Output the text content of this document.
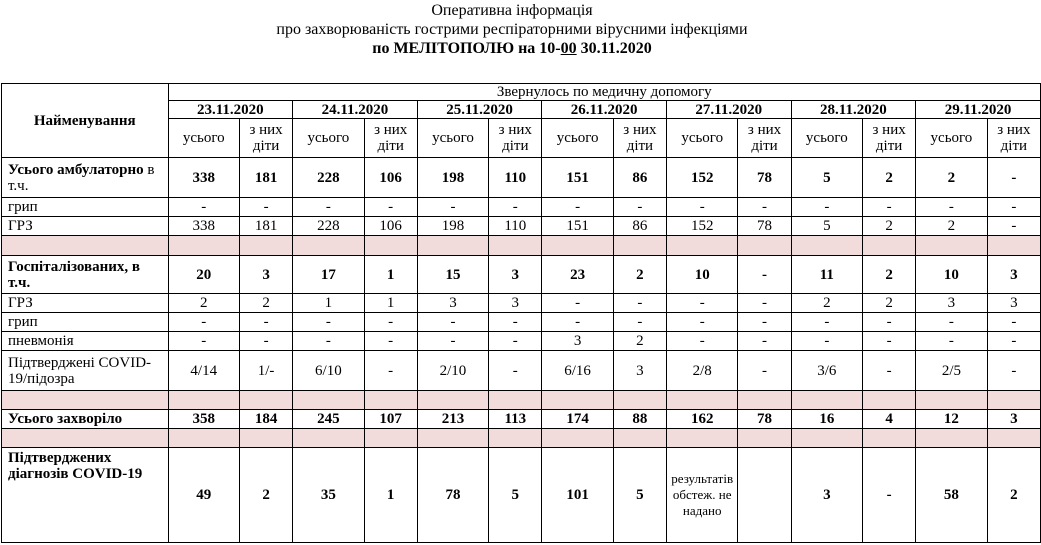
Оперативна інформація
про захворюваність гострими респіраторними вірусними інфекціями
по МЕЛІТОПОЛЮ на 10-00 30.11.2020
Найменування	Звернулось по медичну допомогу													
	23.11.2020		24.11.2020		25.11.2020		26.11.2020		27.11.2020		28.11.2020		29.11.2020	
	усього	з них діти	усього	з них діти	усього	з них діти	усього	з них діти	усього	з них діти	усього	з них діти	усього	з них діти
Усього амбулаторно в т.ч.	338	181	228	106	198	110	151	86	152	78	5	2	2	-
грип	-	-	-	-	-	-	-	-	-	-	-	-	-	-
ГРЗ	338	181	228	106	198	110	151	86	152	78	5	2	2	-

Госпіталізованих, в т.ч.	20	3	17	1	15	3	23	2	10	-	11	2	10	3
ГРЗ	2	2	1	1	3	3	-	-	-	-	2	2	3	3
грип	-	-	-	-	-	-	-	-	-	-	-	-	-	-
пневмонія	-	-	-	-	-	-	3	2	-	-	-	-	-	-
Підтверджені COVID-19/підозра	4/14	1/-	6/10	-	2/10	-	6/16	3	2/8	-	3/6	-	2/5	-

Усього захворіло	358	184	245	107	213	113	174	88	162	78	16	4	12	3

Підтверджених діагнозів COVID-19	49	2	35	1	78	5	101	5	результатів обстеж. не надано		3	-	58	2
